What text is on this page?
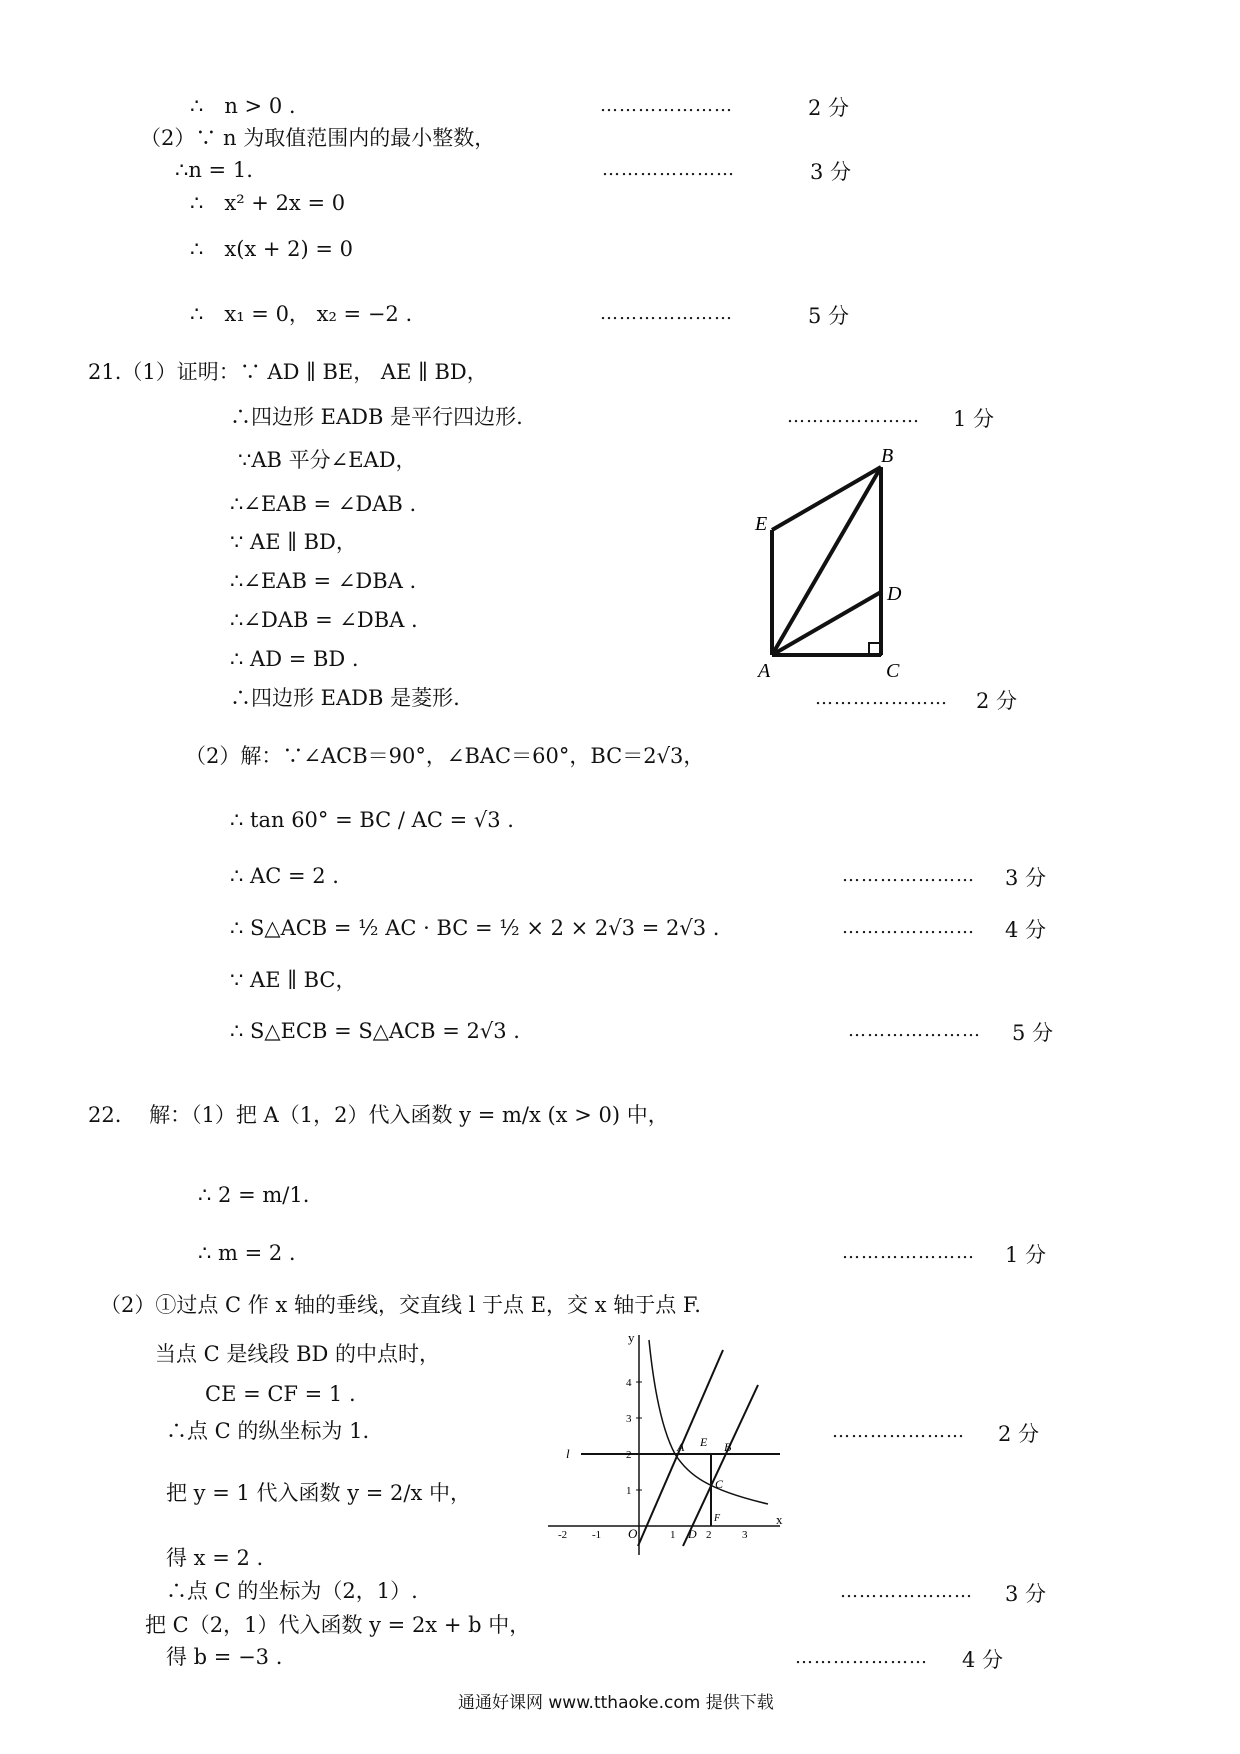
∴　n > 0 .	…………………	2 分
（2）∵ n 为取值范围内的最小整数，
∴n = 1.	…………………	3 分
∴　x² + 2x = 0
∴　x(x + 2) = 0
∴　x₁ = 0， x₂ = −2 .	…………………	5 分
21.（1）证明：∵ AD ∥ BE， AE ∥ BD，
∴四边形 EADB 是平行四边形.	………………… 1 分
∵AB 平分∠EAD，
∴∠EAB = ∠DAB .
∵ AE ∥ BD，
∴∠EAB = ∠DBA .
∴∠DAB = ∠DBA .
∴ AD = BD .
∴四边形 EADB 是菱形.	………………… 2 分
A
B
C
D
E
（2）解：∵∠ACB＝90°，∠BAC＝60°，BC＝2√3，
∴ tan 60° = BC / AC = √3 .
∴ AC = 2 .	………………… 3 分
∴ S△ACB = ½ AC · BC = ½ × 2 × 2√3 = 2√3 .	………………… 4 分
∵ AE ∥ BC，
∴ S△ECB = S△ACB = 2√3 .	………………… 5 分
22.　 解：（1）把 A（1，2）代入函数 y = m/x (x > 0) 中，
∴ 2 = m/1.
∴ m = 2 .	………………… 1 分
（2）①过点 C 作 x 轴的垂线，交直线 l 于点 E，交 x 轴于点 F.
当点 C 是线段 BD 的中点时，
CE = CF = 1 .
∴点 C 的纵坐标为 1.	………………… 2 分
把 y = 1 代入函数 y = 2/x 中，
得 x = 2 .
∴点 C 的坐标为（2，1）.	………………… 3 分
把 C（2，1）代入函数 y = 2x + b 中，
得 b = −3 .	………………… 4 分
y
x
O
l	A	B
C
D
E
F
-2 -1	1	2	3
1
2
3
4
通通好课网 www.tthaoke.com 提供下载
